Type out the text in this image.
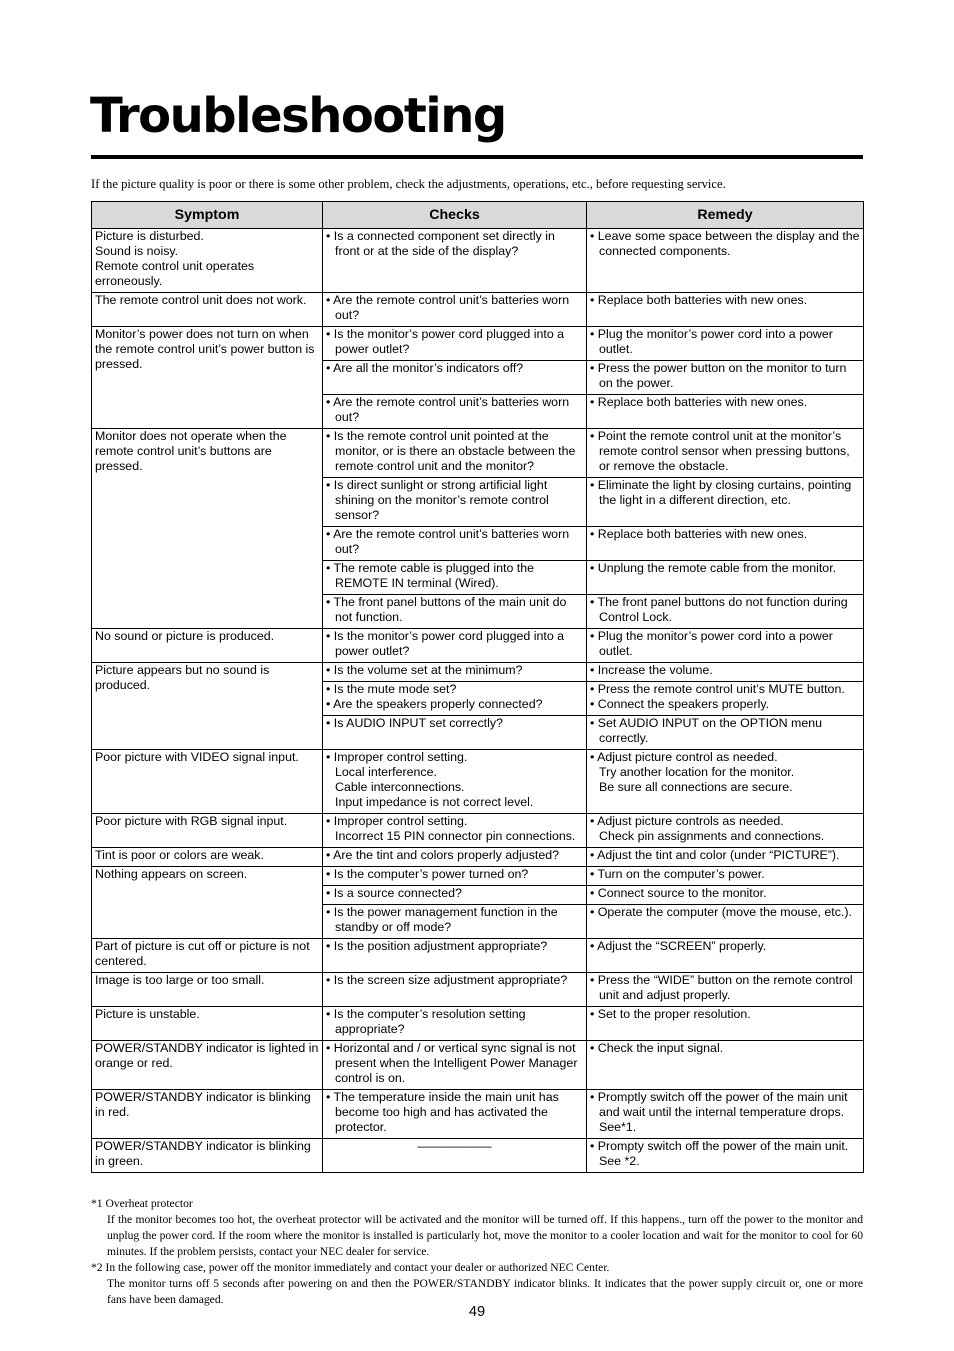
Troubleshooting
If the picture quality is poor or there is some other problem, check the adjustments, operations, etc., before requesting service.
Symptom	Checks	Remedy

Picture is disturbed.
Sound is noisy.
Remote control unit operates erroneously.	• Is a connected component set directly in front or at the side of the display?	• Leave some space between the display and the connected components.

The remote control unit does not work.	• Are the remote control unit’s batteries worn out?	• Replace both batteries with new ones.

Monitor’s power does not turn on when the remote control unit’s power button is pressed.	• Is the monitor’s power cord plugged into a power outlet?	• Plug the monitor’s power cord into a power outlet.

	• Are all the monitor’s indicators off?	• Press the power button on the monitor to turn on the power.

	• Are the remote control unit’s batteries worn out?	• Replace both batteries with new ones.

Monitor does not operate when the remote control unit’s buttons are pressed.	• Is the remote control unit pointed at the monitor, or is there an obstacle between the remote control unit and the monitor?	• Point the remote control unit at the monitor’s remote control sensor when pressing buttons, or remove the obstacle.

	• Is direct sunlight or strong artificial light shining on the monitor’s remote control sensor?	• Eliminate the light by closing curtains, pointing the light in a different direction, etc.

	• Are the remote control unit’s batteries worn out?	• Replace both batteries with new ones.

	• The remote cable is plugged into the REMOTE IN terminal (Wired).	• Unplung the remote cable from the monitor.

	• The front panel buttons of the main unit do not function.	• The front panel buttons do not function during Control Lock.

No sound or picture is produced.	• Is the monitor’s power cord plugged into a power outlet?	• Plug the monitor’s power cord into a power outlet.

Picture appears but no sound is produced.	• Is the volume set at the minimum?	• Increase the volume.

	• Is the mute mode set?
• Are the speakers properly connected?	• Press the remote control unit’s MUTE button.
• Connect the speakers properly.

	• Is AUDIO INPUT set correctly?	• Set AUDIO INPUT on the OPTION menu correctly.

Poor picture with VIDEO signal input.	• Improper control setting.
Local interference.
Cable interconnections.
Input impedance is not correct level.	• Adjust picture control as needed.
Try another location for the monitor.
Be sure all connections are secure.

Poor picture with RGB signal input.	• Improper control setting.
Incorrect 15 PIN connector pin connections.	• Adjust picture controls as needed.
Check pin assignments and connections.

Tint is poor or colors are weak.	• Are the tint and colors properly adjusted?	• Adjust the tint and color (under “PICTURE”).

Nothing appears on screen.	• Is the computer’s power turned on?	• Turn on the computer’s power.

	• Is a source connected?	• Connect source to the monitor.

	• Is the power management function in the standby or off mode?	• Operate the computer (move the mouse, etc.).

Part of picture is cut off or picture is not centered.	• Is the position adjustment appropriate?	• Adjust the “SCREEN” properly.

Image is too large or too small.	• Is the screen size adjustment appropriate?	• Press the “WIDE” button on the remote control unit and adjust properly.

Picture is unstable.	• Is the computer’s resolution setting appropriate?	• Set to the proper resolution.

POWER/STANDBY indicator is lighted in orange or red.	• Horizontal and / or vertical sync signal is not present when the Intelligent Power Manager control is on.	• Check the input signal.

POWER/STANDBY indicator is blinking in red.	• The temperature inside the main unit has become too high and has activated the protector.	• Promptly switch off the power of the main unit and wait until the internal temperature drops. See*1.

POWER/STANDBY indicator is blinking in green.	——————	• Prompty switch off the power of the main unit. See *2.
*1 Overheat protector
If the monitor becomes too hot, the overheat protector will be activated and the monitor will be turned off. If this happens., turn off the power to the monitor and unplug the power cord. If the room where the monitor is installed is particularly hot, move the monitor to a cooler location and wait for the monitor to cool for 60 minutes. If the problem persists, contact your NEC dealer for service.
*2 In the following case, power off the monitor immediately and contact your dealer or authorized NEC Center.
The monitor turns off 5 seconds after powering on and then the POWER/STANDBY indicator blinks. It indicates that the power supply circuit or, one or more fans have been damaged.
49
